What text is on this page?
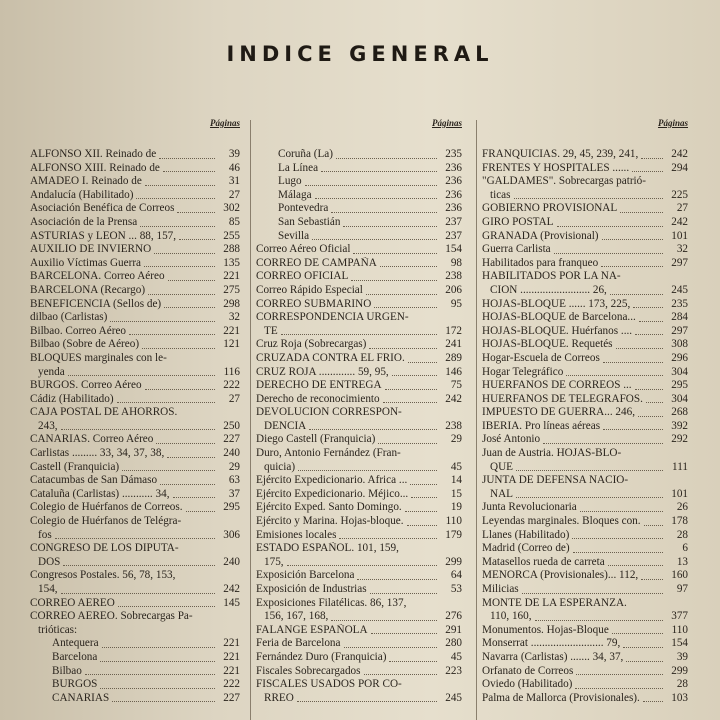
INDICE GENERAL
Páginas
ALFONSO XII. Reinado de	39
ALFONSO XIII. Reinado de	46
AMADEO I. Reinado de	31
Andalucía (Habilitado)	27
Asociación Benéfica de Correos	302
Asociación de la Prensa	85
ASTURIAS y LEON ... 88, 157,	255
AUXILIO DE INVIERNO	288
Auxilio Víctimas Guerra	135
BARCELONA. Correo Aéreo	221
BARCELONA (Recargo)	275
BENEFICENCIA (Sellos de)	298
dilbao (Carlistas)	32
Bilbao. Correo Aéreo	221
Bilbao (Sobre de Aéreo)	121
BLOQUES marginales con le-
yenda	116
BURGOS. Correo Aéreo	222
Cádiz (Habilitado)	27
CAJA POSTAL DE AHORROS.
243,	250
CANARIAS. Correo Aéreo	227
Carlistas ......... 33, 34, 37, 38,	240
Castell (Franquicia)	29
Catacumbas de San Dámaso	63
Cataluña (Carlistas) ........... 34,	37
Colegio de Huérfanos de Correos.	295
Colegio de Huérfanos de Telégra-
fos	306
CONGRESO DE LOS DIPUTA-
DOS	240
Congresos Postales. 56, 78, 153,
154,	242
CORREO AEREO	145
CORREO AEREO. Sobrecargas Pa-
trióticas:
Antequera	221
Barcelona	221
Bilbao	221
BURGOS	222
CANARIAS	227
Páginas
Coruña (La)	235
La Línea	236
Lugo	236
Málaga	236
Pontevedra	236
San Sebastián	237
Sevilla	237
Correo Aéreo Oficial	154
CORREO DE CAMPAÑA	98
CORREO OFICIAL	238
Correo Rápido Especial	206
CORREO SUBMARINO	95
CORRESPONDENCIA URGEN-
TE	172
Cruz Roja (Sobrecargas)	241
CRUZADA CONTRA EL FRIO.	289
CRUZ ROJA ............. 59, 95,	146
DERECHO DE ENTREGA	75
Derecho de reconocimiento	242
DEVOLUCION CORRESPON-
DENCIA	238
Diego Castell (Franquicia)	29
Duro, Antonio Fernández (Fran-
quicia)	45
Ejército Expedicionario. Africa ...	14
Ejército Expedicionario. Méjico...	15
Ejército Exped. Santo Domingo.	19
Ejército y Marina. Hojas-bloque.	110
Emisiones locales	179
ESTADO ESPAÑOL. 101, 159,
175,	299
Exposición Barcelona	64
Exposición de Industrias	53
Exposiciones Filatélicas. 86, 137,
156, 167, 168,	276
FALANGE ESPAÑOLA	291
Feria de Barcelona	280
Fernández Duro (Franquicia)	45
Fiscales Sobrecargados	223
FISCALES USADOS POR CO-
RREO	245
Páginas
FRANQUICIAS. 29, 45, 239, 241,	242
FRENTES Y HOSPITALES ......	294
"GALDAMES". Sobrecargas patrió-
ticas	225
GOBIERNO PROVISIONAL	27
GIRO POSTAL	242
GRANADA (Provisional)	101
Guerra Carlista	32
Habilitados para franqueo	297
HABILITADOS POR LA NA-
CION ......................... 26,	245
HOJAS-BLOQUE ...... 173, 225,	235
HOJAS-BLOQUE de Barcelona...	284
HOJAS-BLOQUE. Huérfanos ....	297
HOJAS-BLOQUE. Requetés	308
Hogar-Escuela de Correos	296
Hogar Telegráfico	304
HUERFANOS DE CORREOS ...	295
HUERFANOS DE TELEGRAFOS.	304
IMPUESTO DE GUERRA... 246,	268
IBERIA. Pro líneas aéreas	392
José Antonio	292
Juan de Austria. HOJAS-BLO-
QUE	111
JUNTA DE DEFENSA NACIO-
NAL	101
Junta Revolucionaria	26
Leyendas marginales. Bloques con.	178
Llanes (Habilitado)	28
Madrid (Correo de)	6
Matasellos rueda de carreta	13
MENORCA (Provisionales)... 112,	160
Milicias	97
MONTE DE LA ESPERANZA.
110, 160,	377
Monumentos. Hojas-Bloque	110
Monserrat .......................... 79,	154
Navarra (Carlistas) ....... 34, 37,	39
Orfanato de Correos	299
Oviedo (Habilitado)	28
Palma de Mallorca (Provisionales).	103
